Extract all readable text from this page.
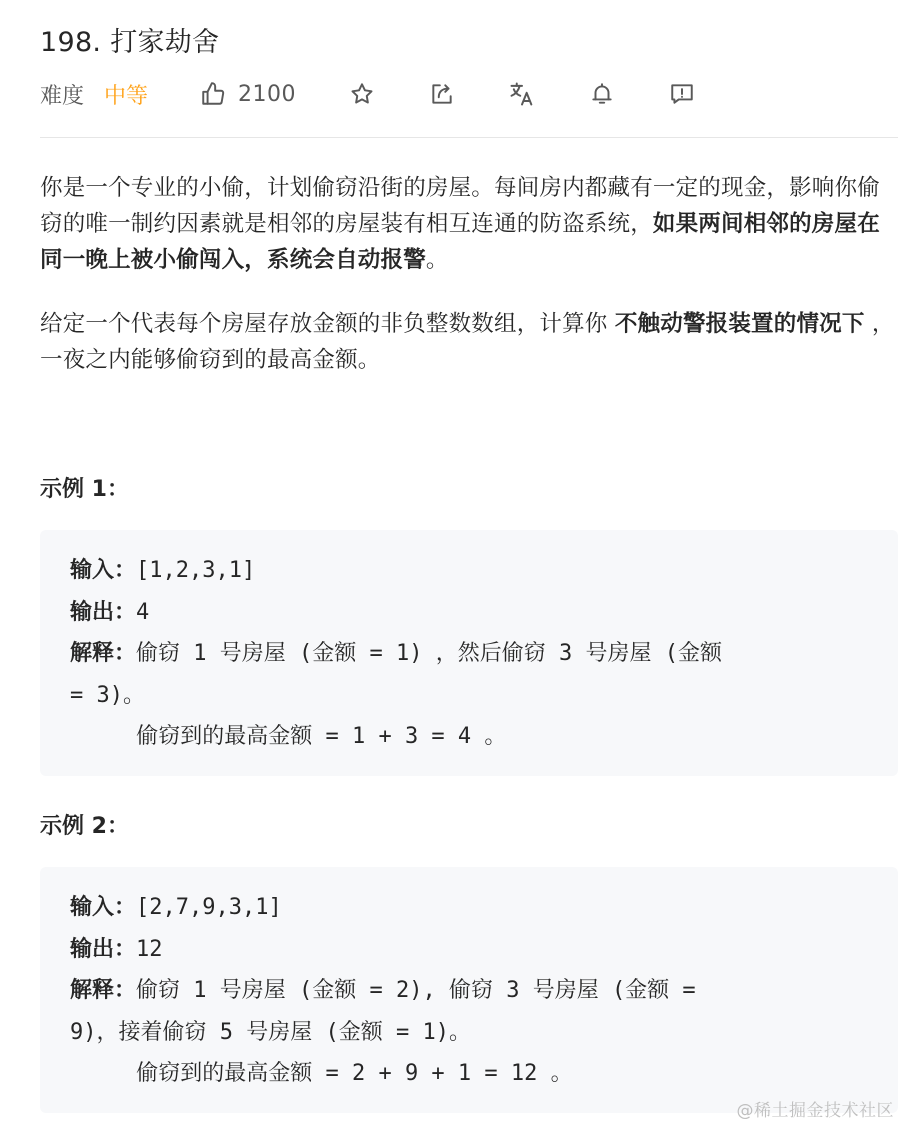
198. 打家劫舍
难度 中等	2100
你是一个专业的小偷，计划偷窃沿街的房屋。每间房内都藏有一定的现金，影响你偷窃的唯一制约因素就是相邻的房屋装有相互连通的防盗系统，如果两间相邻的房屋在同一晚上被小偷闯入，系统会自动报警。
给定一个代表每个房屋存放金额的非负整数数组，计算你 不触动警报装置的情况下 ，一夜之内能够偷窃到的最高金额。
示例 1：
输入：[1,2,3,1]
输出：4
解释：偷窃 1 号房屋 (金额 = 1) ，然后偷窃 3 号房屋 (金额
= 3)。
偷窃到的最高金额 = 1 + 3 = 4 。
示例 2：
输入：[2,7,9,3,1]
输出：12
解释：偷窃 1 号房屋 (金额 = 2), 偷窃 3 号房屋 (金额 =
9)，接着偷窃 5 号房屋 (金额 = 1)。
偷窃到的最高金额 = 2 + 9 + 1 = 12 。
@稀土掘金技术社区
